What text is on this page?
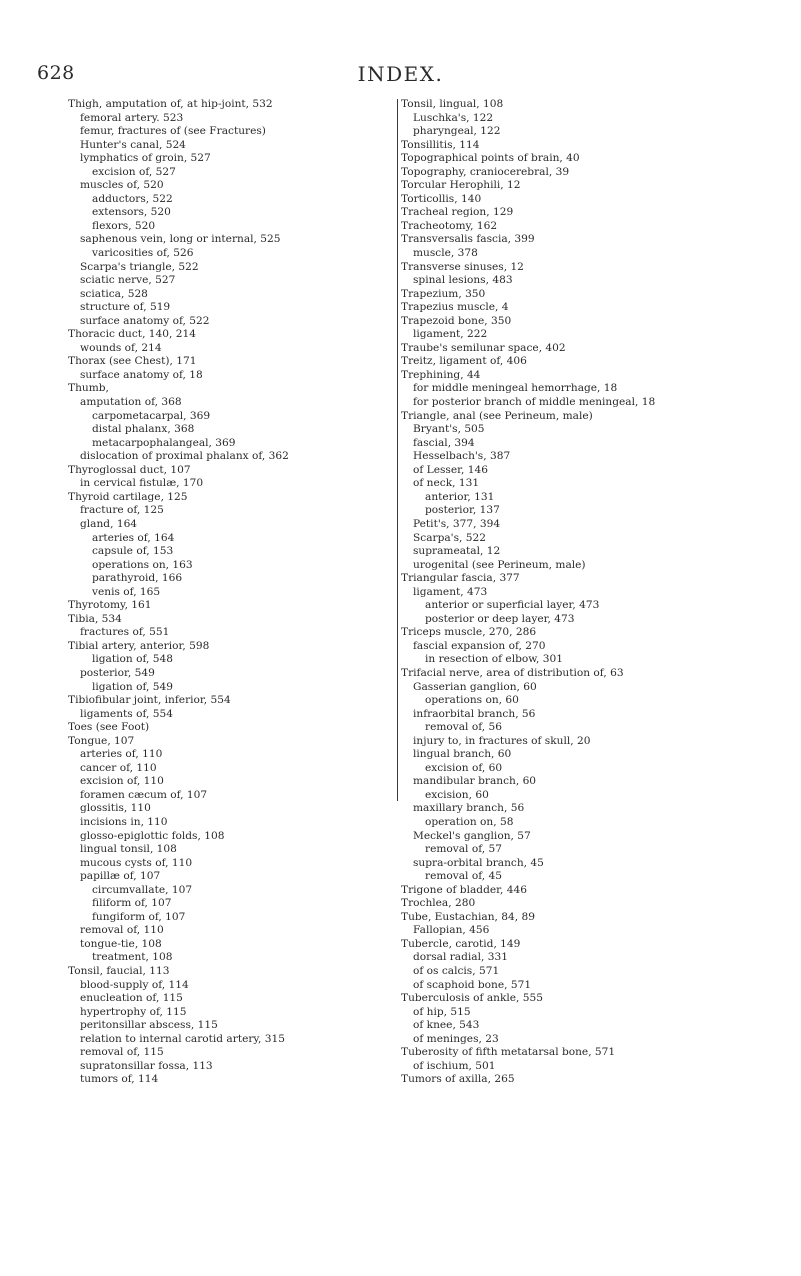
628	INDEX.
Thigh, amputation of, at hip-joint, 532
femoral artery. 523
femur, fractures of (see Fractures)
Hunter's canal, 524
lymphatics of groin, 527
excision of, 527
muscles of, 520
adductors, 522
extensors, 520
flexors, 520
saphenous vein, long or internal, 525
varicosities of, 526
Scarpa's triangle, 522
sciatic nerve, 527
sciatica, 528
structure of, 519
surface anatomy of, 522
Thoracic duct, 140, 214
wounds of, 214
Thorax (see Chest), 171
surface anatomy of, 18
Thumb,
amputation of, 368
carpometacarpal, 369
distal phalanx, 368
metacarpophalangeal, 369
dislocation of proximal phalanx of, 362
Thyroglossal duct, 107
in cervical fistulæ, 170
Thyroid cartilage, 125
fracture of, 125
gland, 164
arteries of, 164
capsule of, 153
operations on, 163
parathyroid, 166
venis of, 165
Thyrotomy, 161
Tibia, 534
fractures of, 551
Tibial artery, anterior, 598
ligation of, 548
posterior, 549
ligation of, 549
Tibiofibular joint, inferior, 554
ligaments of, 554
Toes (see Foot)
Tongue, 107
arteries of, 110
cancer of, 110
excision of, 110
foramen cæcum of, 107
glossitis, 110
incisions in, 110
glosso-epiglottic folds, 108
lingual tonsil, 108
mucous cysts of, 110
papillæ of, 107
circumvallate, 107
filiform of, 107
fungiform of, 107
removal of, 110
tongue-tie, 108
treatment, 108
Tonsil, faucial, 113
blood-supply of, 114
enucleation of, 115
hypertrophy of, 115
peritonsillar abscess, 115
relation to internal carotid artery, 315
removal of, 115
supratonsillar fossa, 113
tumors of, 114
Tonsil, lingual, 108
Luschka's, 122
pharyngeal, 122
Tonsillitis, 114
Topographical points of brain, 40
Topography, craniocerebral, 39
Torcular Herophili, 12
Torticollis, 140
Tracheal region, 129
Tracheotomy, 162
Transversalis fascia, 399
muscle, 378
Transverse sinuses, 12
spinal lesions, 483
Trapezium, 350
Trapezius muscle, 4
Trapezoid bone, 350
ligament, 222
Traube's semilunar space, 402
Treitz, ligament of, 406
Trephining, 44
for middle meningeal hemorrhage, 18
for posterior branch of middle meningeal, 18
Triangle, anal (see Perineum, male)
Bryant's, 505
fascial, 394
Hesselbach's, 387
of Lesser, 146
of neck, 131
anterior, 131
posterior, 137
Petit's, 377, 394
Scarpa's, 522
suprameatal, 12
urogenital (see Perineum, male)
Triangular fascia, 377
ligament, 473
anterior or superficial layer, 473
posterior or deep layer, 473
Triceps muscle, 270, 286
fascial expansion of, 270
in resection of elbow, 301
Trifacial nerve, area of distribution of, 63
Gasserian ganglion, 60
operations on, 60
infraorbital branch, 56
removal of, 56
injury to, in fractures of skull, 20
lingual branch, 60
excision of, 60
mandibular branch, 60
excision, 60
maxillary branch, 56
operation on, 58
Meckel's ganglion, 57
removal of, 57
supra-orbital branch, 45
removal of, 45
Trigone of bladder, 446
Trochlea, 280
Tube, Eustachian, 84, 89
Fallopian, 456
Tubercle, carotid, 149
dorsal radial, 331
of os calcis, 571
of scaphoid bone, 571
Tuberculosis of ankle, 555
of hip, 515
of knee, 543
of meninges, 23
Tuberosity of fifth metatarsal bone, 571
of ischium, 501
Tumors of axilla, 265
